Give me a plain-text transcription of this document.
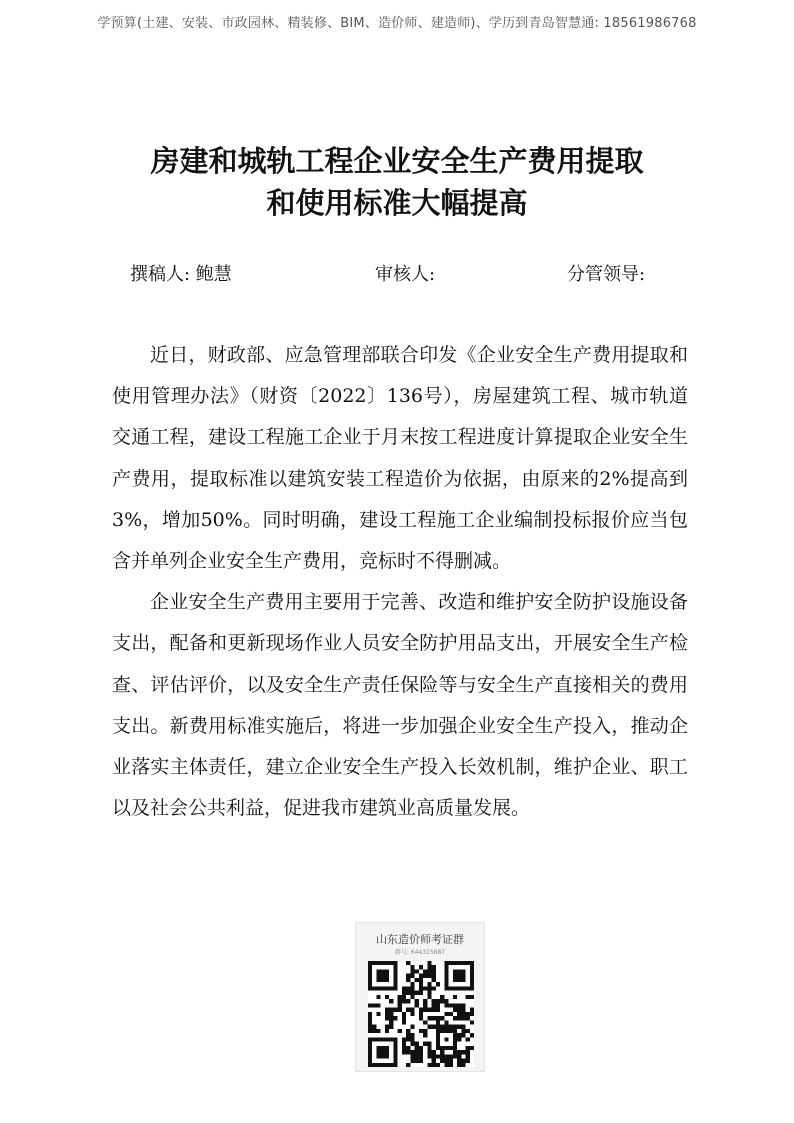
学预算(土建、安装、市政园林、精装修、BIM、造价师、建造师)、学历到青岛智慧通: 18561986768
房建和城轨工程企业安全生产费用提取
和使用标准大幅提高
撰稿人: 鲍慧	审核人:	分管领导:

近日，财政部、应急管理部联合印发《企业安全生产费用提取和使用管理办法》（财资〔2022〕136号），房屋建筑工程、城市轨道交通工程，建设工程施工企业于月末按工程进度计算提取企业安全生产费用，提取标准以建筑安装工程造价为依据，由原来的2%提高到3%，增加50%。同时明确，建设工程施工企业编制投标报价应当包含并单列企业安全生产费用，竞标时不得删减。

企业安全生产费用主要用于完善、改造和维护安全防护设施设备支出，配备和更新现场作业人员安全防护用品支出，开展安全生产检查、评估评价，以及安全生产责任保险等与安全生产直接相关的费用支出。新费用标准实施后，将进一步加强企业安全生产投入，推动企业落实主体责任，建立企业安全生产投入长效机制，维护企业、职工以及社会公共利益，促进我市建筑业高质量发展。

山东造价师考证群
群号: 644315887
